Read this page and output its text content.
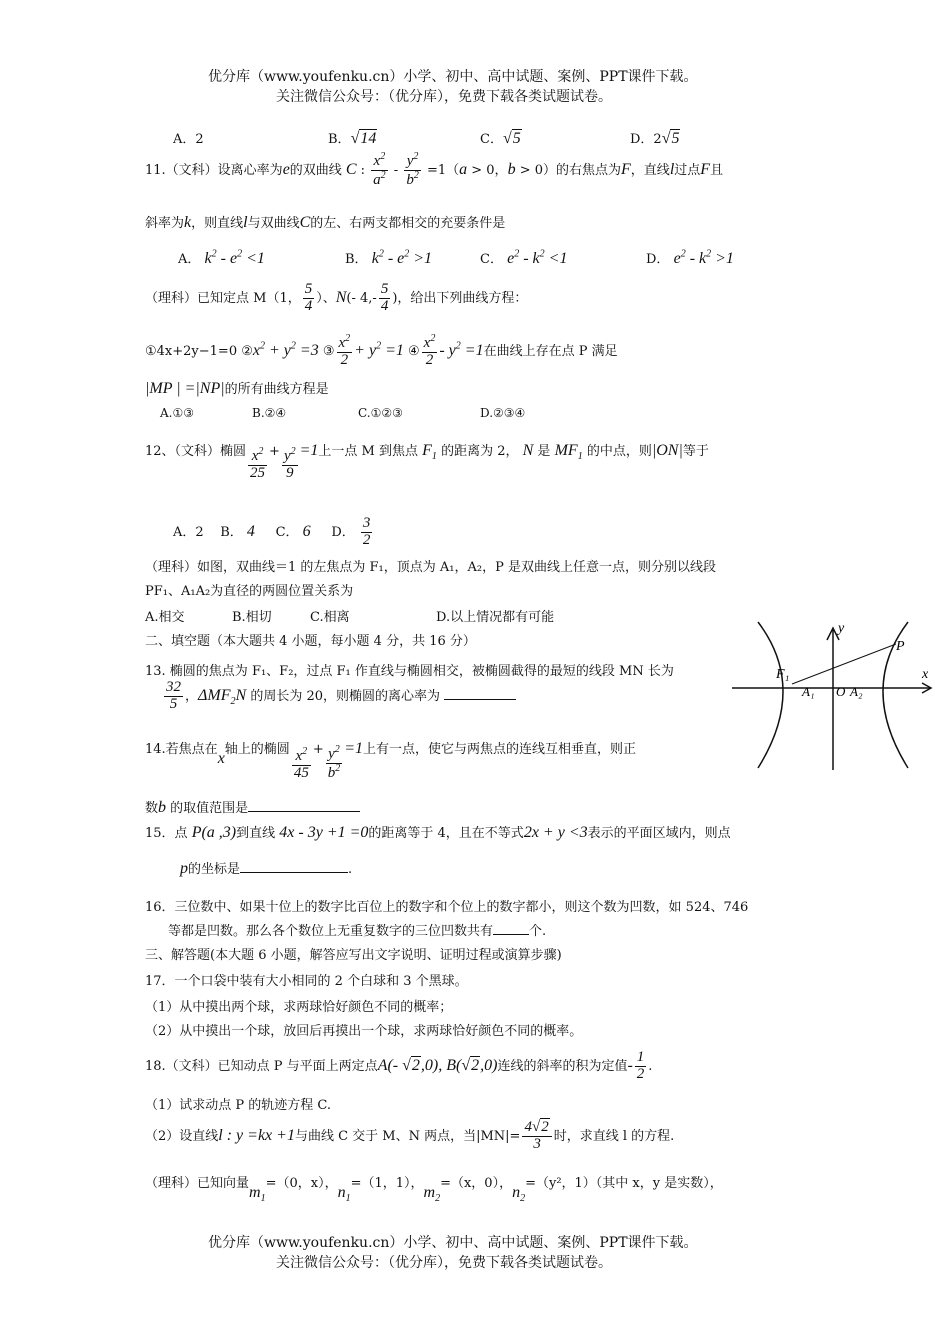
优分库（www.youfenku.cn）小学、初中、高中试题、案例、PPT课件下载。
关注微信公众号：（优分库），免费下载各类试题试卷。
A．2	B．√14	C．√5	D．2√5
11.（文科）设离心率为e的双曲线 C : $\frac{x^2}{a^2} - \frac{y^2}{b^2} =1(a > 0$，b > 0）的右焦点为F，直线l过点F且
斜率为k，则直线l与双曲线C的左、右两支都相交的充要条件是
A． $k^2 - e^2 <1$	B． $k^2 - e^2 >1$	C． $e^2 - k^2 <1$	D． $e^2 - k^2 >1$
（理科）已知定点 M（1， $\frac{5}{4}$ ）、N(- $4,- \frac{5}{4}$ )，给出下列曲线方程：
①4x+2y−1=0 $②x^2 + y^2 =3$ ③ $\frac{x^2}{2} + y^2 =1$ ④ $\frac{x^2}{2} - y^2 =1$在曲线上存在点 P 满足
|MP | =|NP|的所有曲线方程是
A.①③	B.②④	C.①②③	D.②③④
12、（文科）椭圆 $\frac{x^2}{25} + \frac{y^2}{9} =1$上一点 M 到焦点 $F_1$ 的距离为 2， N 是 $MF_1$ 的中点，则|ON|等于
A．2 B． 4 C． 6 D． $\frac{3}{2}$
（理科）如图，双曲线＝1 的左焦点为 F₁，顶点为 A₁，A₂，P 是双曲线上任意一点，则分别以线段
PF₁、A₁A₂为直径的两圆位置关系为
A.相交	B.相切	C.相离	D.以上情况都有可能
二、填空题（本大题共 4 小题，每小题 4 分，共 16 分）
13. 椭圆的焦点为 F₁、F₂，过点 F₁ 作直线与椭圆相交，被椭圆截得的最短的线段 MN 长为
$\frac{32}{5}$ ，$\Delta MF_2N$ 的周长为 20，则椭圆的离心率为
14.若焦点在x轴上的椭圆 $\frac{x^2}{45} + \frac{y^2}{b^2} =1$上有一点，使它与两焦点的连线互相垂直，则正
数b 的取值范围是
15．点 P(a ,3)到直线 4x - 3y +1 =0的距离等于 4，且在不等式2x + y <3表示的平面区域内，则点
p的坐标是	.
16．三位数中、如果十位上的数字比百位上的数字和个位上的数字都小，则这个数为凹数，如 524、746
等都是凹数。那么各个数位上无重复数字的三位凹数共有	个.
三、解答题(本大题 6 小题，解答应写出文字说明、证明过程或演算步骤)
17．一个口袋中装有大小相同的 2 个白球和 3 个黑球。
（1）从中摸出两个球，求两球恰好颜色不同的概率；
（2）从中摸出一个球，放回后再摸出一个球，求两球恰好颜色不同的概率。
18.（文科）已知动点 P 与平面上两定点A(- √2,0), B(√2,0)连线的斜率的积为定值- $\frac{1}{2}$ .
（1）试求动点 P 的轨迹方程 C.
（2）设直线l : y =kx +1与曲线 C 交于 M、N 两点，当$|MN|= \frac{4√2}{3}$ 时，求直线 l 的方程.
（理科）已知向量$m_1=(0$，x），$n_1=(1$，1），$m_2=(x$，0），$n_2=(y^2$，1）（其中 x，y 是实数），
y
x
P
F₁
A₁ O A₂
优分库（www.youfenku.cn）小学、初中、高中试题、案例、PPT课件下载。
关注微信公众号：（优分库），免费下载各类试题试卷。
